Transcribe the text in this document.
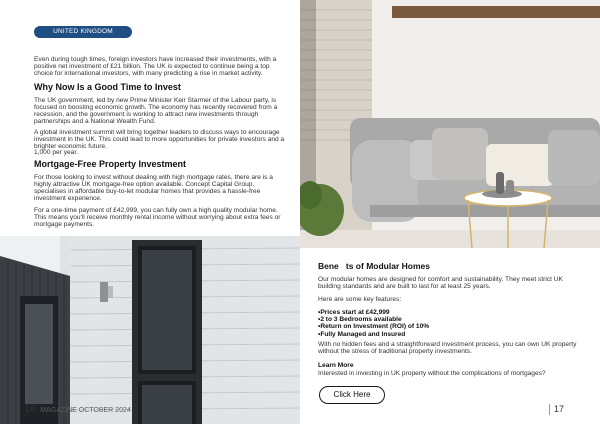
UNITED KINGDOM
Even during tough times, foreign investors have increased their investments, with a positive net investment of £21 billion. The UK is expected to continue being a top choice for international investors, with many predicting a rise in market activity.
Why Now Is a Good Time to Invest
The UK government, led by new Prime Minister Keir Starmer of the Labour party, is focused on boosting economic growth. The economy has recently recovered from a recession, and the government is working to attract new investments through partnerships and a National Wealth Fund.
A global investment summit will bring together leaders to discuss ways to encourage investment in the UK. This could lead to more opportunities for private investors and a brighter economic future.
1,000 per year.
Mortgage-Free Property Investment
For those looking to invest without dealing with high mortgage rates, there are is a highly attractive UK mortgage-free option available. Concept Capital Group, specialises in affordable buy-to-let modular homes that provides a hassle-free investment experience.
For a one-time payment of £42,999, you can fully own a high quality modular home. This means you'll receive monthly rental income without worrying about extra fees or mortgage payments.
16 MAGAZINE OCTOBER 2024
Bene ts of Modular Homes
Our modular homes are designed for comfort and sustainability. They meet strict UK building standards and are built to last for at least 25 years.
Here are some key features:
With no hidden fees and a straightforward investment process, you can own UK property without the stress of traditional property investments.
Learn More
Interested in investing in UK property without the complications of mortgages?
17
• Prices start at £42,999
• 2 to 3 Bedrooms available
• Return on Investment (ROI) of 10%
• Fully Managed and Insured
Click Here
